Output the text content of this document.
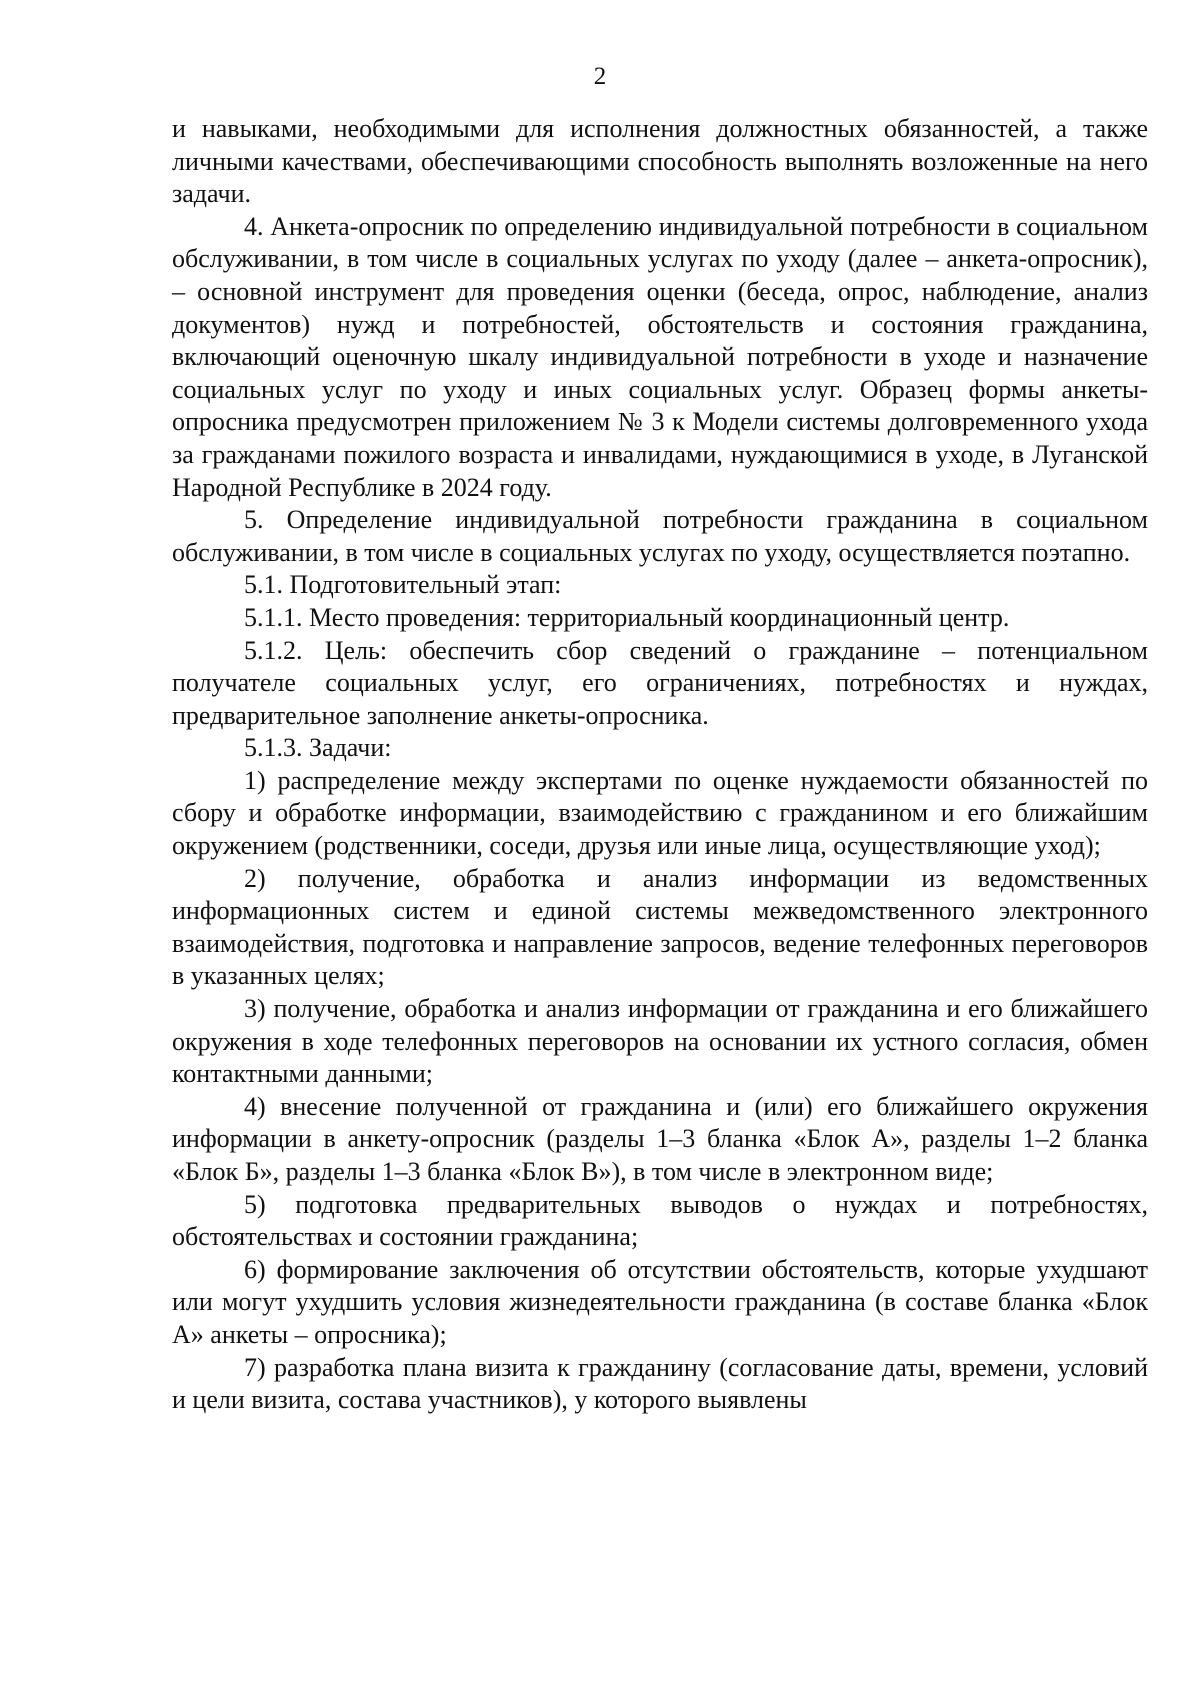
2

и навыками, необходимыми для исполнения должностных обязанностей, а также личными качествами, обеспечивающими способность выполнять возложенные на него задачи.

4. Анкета-опросник по определению индивидуальной потребности в социальном обслуживании, в том числе в социальных услугах по уходу (далее – анкета-опросник), – основной инструмент для проведения оценки (беседа, опрос, наблюдение, анализ документов) нужд и потребностей, обстоятельств и состояния гражданина, включающий оценочную шкалу индивидуальной потребности в уходе и назначение социальных услуг по уходу и иных социальных услуг. Образец формы анкеты-опросника предусмотрен приложением № 3 к Модели системы долговременного ухода за гражданами пожилого возраста и инвалидами, нуждающимися в уходе, в Луганской Народной Республике в 2024 году.

5. Определение индивидуальной потребности гражданина в социальном обслуживании, в том числе в социальных услугах по уходу, осуществляется поэтапно.

5.1. Подготовительный этап:

5.1.1. Место проведения: территориальный координационный центр.

5.1.2. Цель: обеспечить сбор сведений о гражданине – потенциальном получателе социальных услуг, его ограничениях, потребностях и нуждах, предварительное заполнение анкеты-опросника.

5.1.3. Задачи:

1) распределение между экспертами по оценке нуждаемости обязанностей по сбору и обработке информации, взаимодействию с гражданином и его ближайшим окружением (родственники, соседи, друзья или иные лица, осуществляющие уход);

2) получение, обработка и анализ информации из ведомственных информационных систем и единой системы межведомственного электронного взаимодействия, подготовка и направление запросов, ведение телефонных переговоров в указанных целях;

3) получение, обработка и анализ информации от гражданина и его ближайшего окружения в ходе телефонных переговоров на основании их устного согласия, обмен контактными данными;

4) внесение полученной от гражданина и (или) его ближайшего окружения информации в анкету-опросник (разделы 1–3 бланка «Блок А», разделы 1–2 бланка «Блок Б», разделы 1–3 бланка «Блок В»), в том числе в электронном виде;

5) подготовка предварительных выводов о нуждах и потребностях, обстоятельствах и состоянии гражданина;

6) формирование заключения об отсутствии обстоятельств, которые ухудшают или могут ухудшить условия жизнедеятельности гражданина (в составе бланка «Блок А» анкеты – опросника);

7) разработка плана визита к гражданину (согласование даты, времени, условий и цели визита, состава участников), у которого выявлены
